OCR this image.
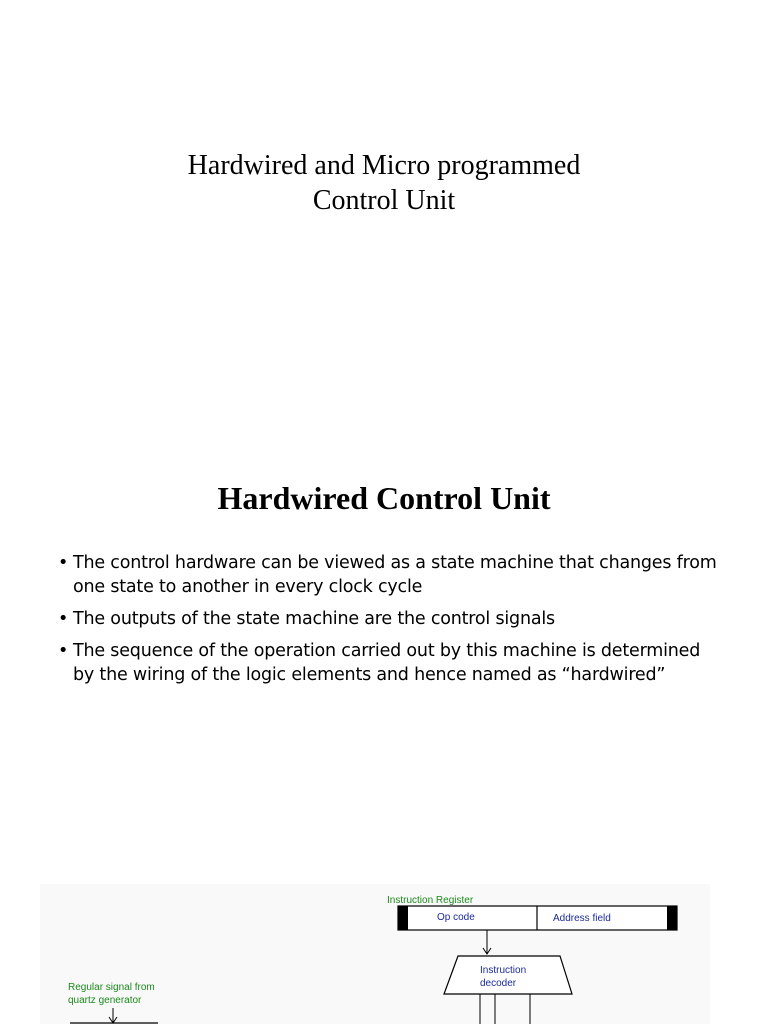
Hardwired and Micro programmed
Control Unit
Hardwired Control Unit
• The control hardware can be viewed as a state machine that changes from one state to another in every clock cycle
• The outputs of the state machine are the control signals
• The sequence of the operation carried out by this machine is determined by the wiring of the logic elements and hence named as “hardwired”
Instruction Register
Op code	Address field
Instruction
decoder
Regular signal from
quartz generator
